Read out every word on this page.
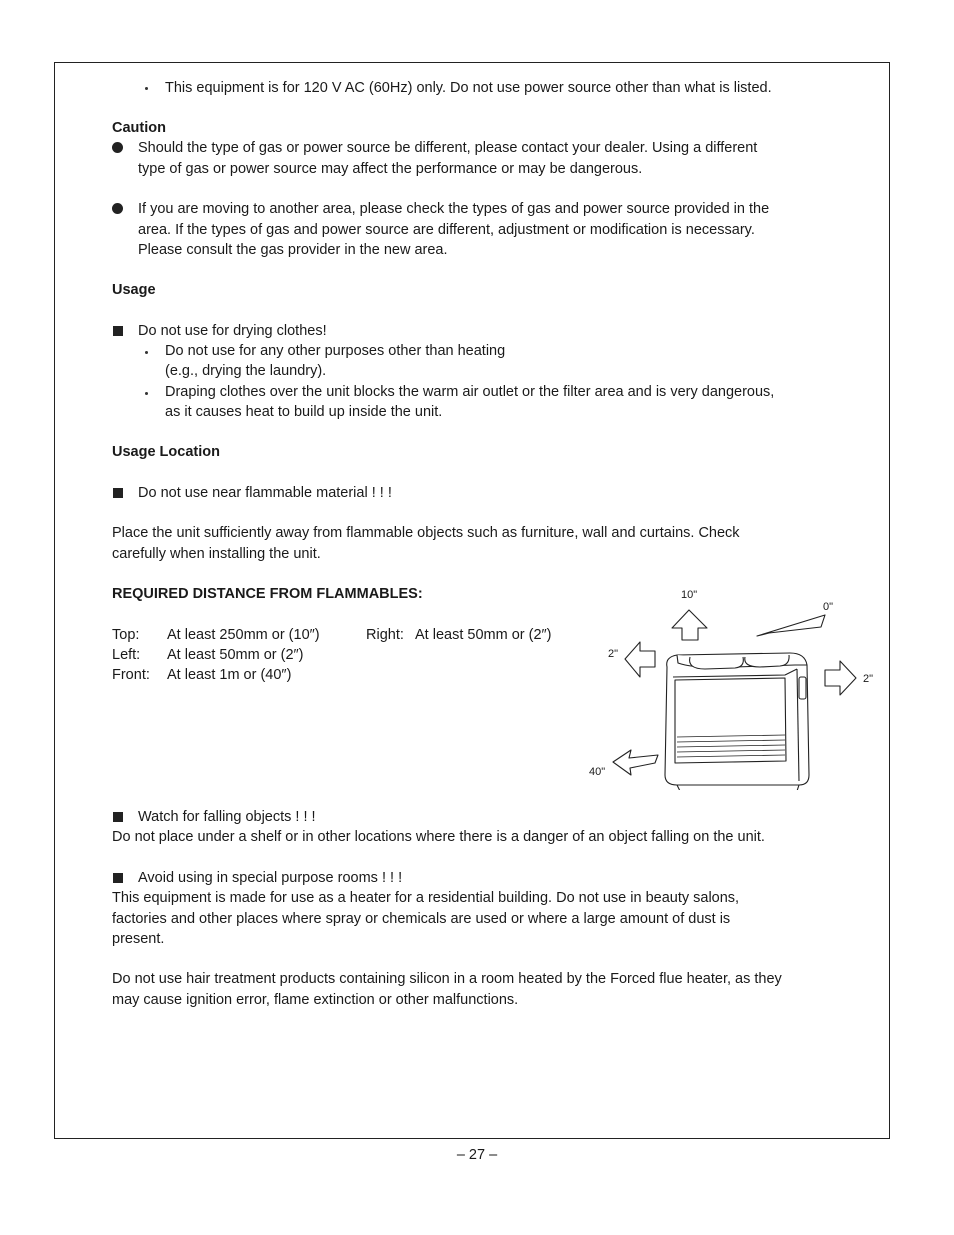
This equipment is for 120 V AC (60Hz) only. Do not use power source other than what is listed.
Caution
Should the type of gas or power source be different, please contact your dealer. Using a different
type of gas or power source may affect the performance or may be dangerous.
If you are moving to another area, please check the types of gas and power source provided in the
area. If the types of gas and power source are different, adjustment or modification is necessary.
Please consult the gas provider in the new area.
Usage
Do not use for drying clothes!
Do not use for any other purposes other than heating
(e.g., drying the laundry).
Draping clothes over the unit blocks the warm air outlet or the filter area and is very dangerous,
as it causes heat to build up inside the unit.
Usage Location
Do not use near flammable material ! ! !
Place the unit sufficiently away from flammable objects such as furniture, wall and curtains. Check
carefully when installing the unit.
REQUIRED DISTANCE FROM FLAMMABLES:
Top: At least 250mm or (10″)	Right: At least 50mm or (2″)
Left: At least 50mm or (2″)
Front: At least 1m or (40″)
10"
0"
2"
2"
40"
Watch for falling objects ! ! !
Do not place under a shelf or in other locations where there is a danger of an object falling on the unit.
Avoid using in special purpose rooms ! ! !
This equipment is made for use as a heater for a residential building. Do not use in beauty salons,
factories and other places where spray or chemicals are used or where a large amount of dust is
present.
Do not use hair treatment products containing silicon in a room heated by the Forced flue heater, as they
may cause ignition error, flame extinction or other malfunctions.
– 27 –
